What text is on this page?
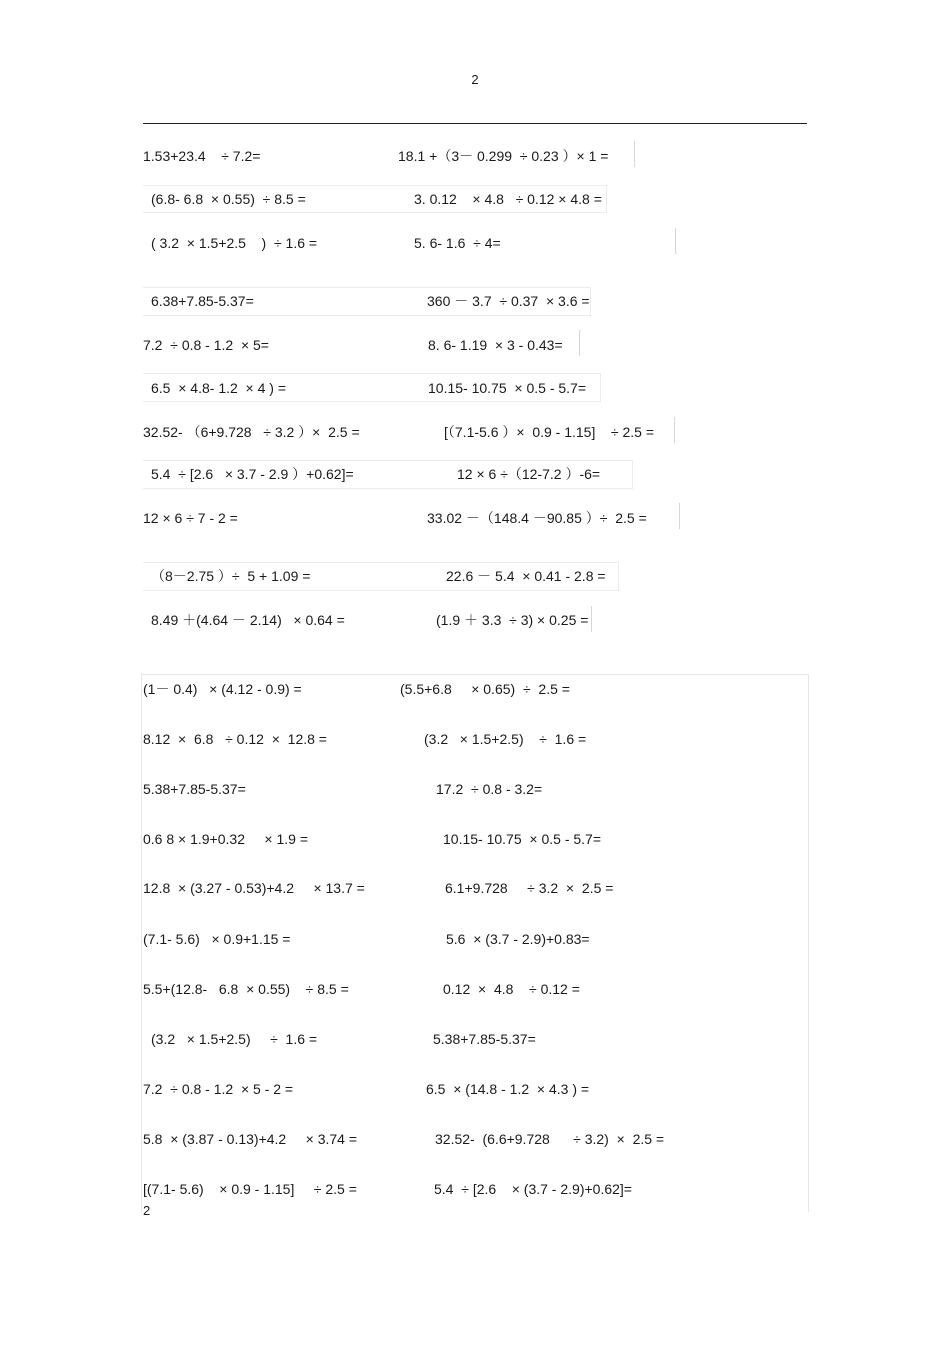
2

1.53+23.4    ÷ 7.2=

	18.1 +（3－ 0.299  ÷ 0.23 ）× 1 =

(6.8- 6.8  × 0.55)  ÷ 8.5 =

	3. 0.12    × 4.8   ÷ 0.12 × 4.8 =

( 3.2  × 1.5+2.5    )  ÷ 1.6 =

	5. 6- 1.6  ÷ 4=

6.38+7.85-5.37=

	360 － 3.7  ÷ 0.37  × 3.6 =

7.2  ÷ 0.8 - 1.2  × 5=

	8. 6- 1.19  × 3 - 0.43=

6.5  × 4.8- 1.2  × 4 ) =

	10.15- 10.75  × 0.5 - 5.7=

32.52- （6+9.728   ÷ 3.2 ）×  2.5 =

	[（7.1-5.6 ）×  0.9 - 1.15]    ÷ 2.5 =

5.4  ÷ [2.6   × 3.7 - 2.9 ）+0.62]=

	12 × 6 ÷（12-7.2 ）-6=

12 × 6 ÷ 7 - 2 =

	33.02 －（148.4 －90.85 ）÷  2.5 =

（8－2.75 ）÷  5 + 1.09 =

	22.6 － 5.4  × 0.41 - 2.8 =

8.49 ＋(4.64 － 2.14)   × 0.64 =

	(1.9 ＋ 3.3  ÷ 3) × 0.25 =

(1－ 0.4)   × (4.12 - 0.9) =

	(5.5+6.8     × 0.65)  ÷  2.5 =

8.12  ×  6.8   ÷ 0.12  ×  12.8 =

	(3.2   × 1.5+2.5)    ÷  1.6 =

5.38+7.85-5.37=

	17.2  ÷ 0.8 - 3.2=

0.6 8 × 1.9+0.32     × 1.9 =

	10.15- 10.75  × 0.5 - 5.7=

12.8  × (3.27 - 0.53)+4.2     × 13.7 =

	6.1+9.728     ÷ 3.2  ×  2.5 =

(7.1- 5.6)   × 0.9+1.15 =

	5.6  × (3.7 - 2.9)+0.83=

5.5+(12.8-   6.8  × 0.55)    ÷ 8.5 =

	0.12  ×  4.8    ÷ 0.12 =

(3.2   × 1.5+2.5)     ÷  1.6 =

	5.38+7.85-5.37=

7.2  ÷ 0.8 - 1.2  × 5 - 2 =

	6.5  × (14.8 - 1.2  × 4.3 ) =

5.8  × (3.87 - 0.13)+4.2     × 3.74 =

	32.52-  (6.6+9.728      ÷ 3.2)  ×  2.5 =

[(7.1- 5.6)    × 0.9 - 1.15]     ÷ 2.5 =

	5.4  ÷ [2.6    × (3.7 - 2.9)+0.62]=

2
